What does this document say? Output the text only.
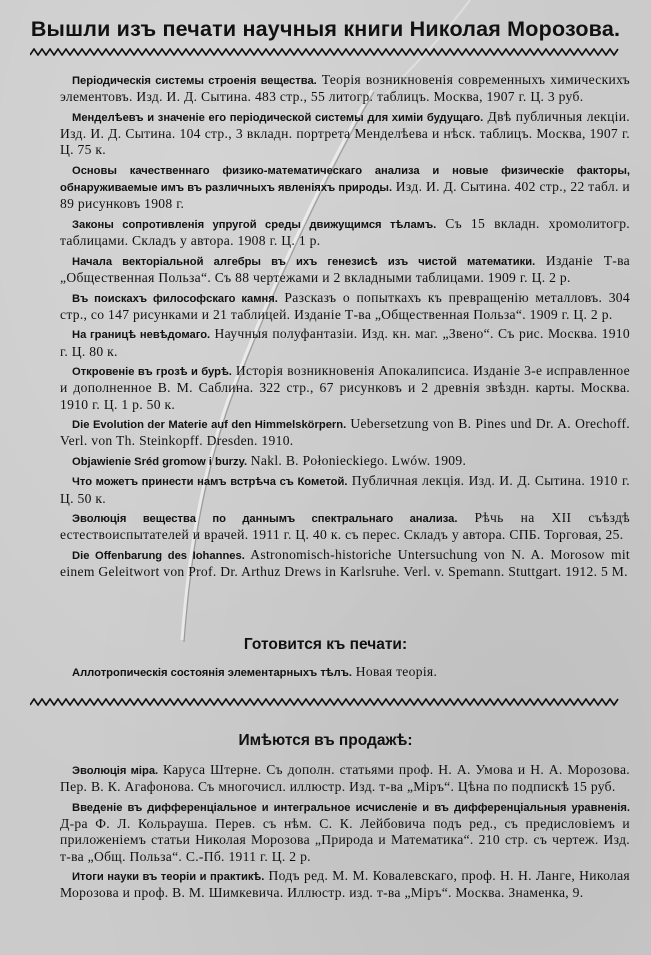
Вышли изъ печати научныя книги Николая Морозова.

Періодическія системы строенія вещества. Теорія возникновенія современныхъ химическихъ элементовъ. Изд. И. Д. Сытина. 483 стр., 55 литогр. таблицъ. Москва, 1907 г. Ц. 3 руб.

Менделѣевъ и значеніе его періодической системы для химіи будущаго. Двѣ публичныя лекціи. Изд. И. Д. Сытина. 104 стр., 3 вкладн. портрета Менделѣева и нѣск. таблицъ. Москва, 1907 г. Ц. 75 к.

Основы качественнаго физико-математическаго анализа и новые физическіе факторы, обнаруживаемые имъ въ различныхъ явленіяхъ природы. Изд. И. Д. Сытина. 402 стр., 22 табл. и 89 рисунковъ 1908 г.

Законы сопротивленія упругой среды движущимся тѣламъ. Съ 15 вкладн. хромолитогр. таблицами. Складъ у автора. 1908 г. Ц. 1 р.

Начала векторіальной алгебры въ ихъ генезисѣ изъ чистой математики. Изданіе Т-ва „Общественная Польза“. Съ 88 чертежами и 2 вкладными таблицами. 1909 г. Ц. 2 р.

Въ поискахъ философскаго камня. Разсказъ о попыткахъ къ превращенію металловъ. 304 стр., со 147 рисунками и 21 таблицей. Изданіе Т-ва „Общественная Польза“. 1909 г. Ц. 2 р.

На границѣ невѣдомаго. Научныя полуфантазіи. Изд. кн. маг. „Звено“. Съ рис. Москва. 1910 г. Ц. 80 к.

Откровеніе въ грозѣ и бурѣ. Исторія возникновенія Апокалипсиса. Изданіе 3-е исправленное и дополненное В. М. Саблина. 322 стр., 67 рисунковъ и 2 древнія звѣздн. карты. Москва. 1910 г. Ц. 1 р. 50 к.

Die Evolution der Materie auf den Himmelskörpern. Uebersetzung von B. Pines und Dr. A. Orechoff. Verl. von Th. Steinkopff. Dresden. 1910.

Objawienie Sréd gromow i burzy. Nakl. B. Połonieckiego. Lwów. 1909.

Что можетъ принести намъ встрѣча съ Кометой. Публичная лекція. Изд. И. Д. Сытина. 1910 г. Ц. 50 к.

Эволюція вещества по даннымъ спектральнаго анализа. Рѣчь на XII съѣздѣ естествоиспытателей и врачей. 1911 г. Ц. 40 к. съ перес. Складъ у автора. СПБ. Торговая, 25.

Die Offenbarung des Iohannes. Astronomisch-historiche Untersuchung von N. A. Morosow mit einem Geleitwort von Prof. Dr. Arthuz Drews in Karlsruhe. Verl. v. Spemann. Stuttgart. 1912. 5 M.

Готовится къ печати:

Аллотропическія состоянія элементарныхъ тѣлъ. Новая теорія.

Имѣются въ продажѣ:

Эволюція міра. Каруса Штерне. Съ дополн. статьями проф. Н. А. Умова и Н. А. Морозова. Пер. В. К. Агафонова. Съ многочисл. иллюстр. Изд. т-ва „Міръ“. Цѣна по подпискѣ 15 руб.

Введеніе въ дифференціальное и интегральное исчисленіе и въ дифференціальныя уравненія. Д-ра Ф. Л. Кольрауша. Перев. съ нѣм. С. К. Лейбовича подъ ред., съ предисловіемъ и приложеніемъ статьи Николая Морозова „Природа и Математика“. 210 стр. съ чертеж. Изд. т-ва „Общ. Польза“. С.-Пб. 1911 г. Ц. 2 р.

Итоги науки въ теоріи и практикѣ. Подъ ред. М. М. Ковалевскаго, проф. Н. Н. Ланге, Николая Морозова и проф. В. М. Шимкевича. Иллюстр. изд. т-ва „Міръ“. Москва. Знаменка, 9.
